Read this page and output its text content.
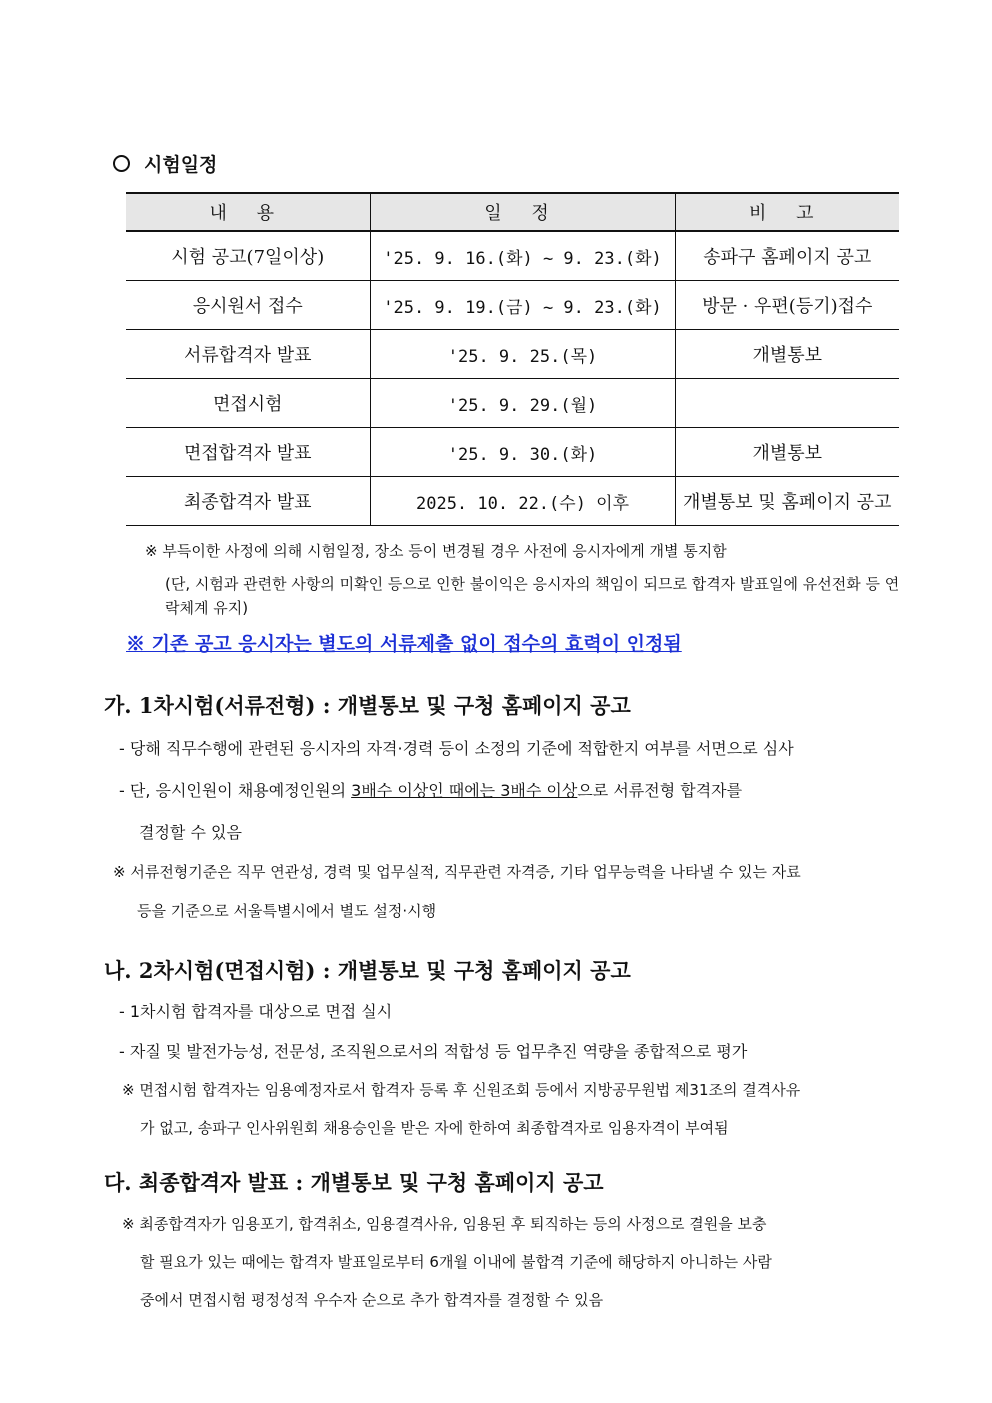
시험일정
내 용	일 정	비 고
시험 공고(7일이상)	'25. 9. 16.(화) ~ 9. 23.(화)	송파구 홈페이지 공고
응시원서 접수	'25. 9. 19.(금) ~ 9. 23.(화)	방문 · 우편(등기)접수
서류합격자 발표	'25. 9. 25.(목)	개별통보
면접시험	'25. 9. 29.(월)	
면접합격자 발표	'25. 9. 30.(화)	개별통보
최종합격자 발표	2025. 10. 22.(수) 이후	개별통보 및 홈페이지 공고
※ 부득이한 사정에 의해 시험일정, 장소 등이 변경될 경우 사전에 응시자에게 개별 통지함
(단, 시험과 관련한 사항의 미확인 등으로 인한 불이익은 응시자의 책임이 되므로 합격자 발표일에 유선전화 등 연락체계 유지)
※ 기존 공고 응시자는 별도의 서류제출 없이 접수의 효력이 인정됨
가. 1차시험(서류전형) : 개별통보 및 구청 홈페이지 공고
- 당해 직무수행에 관련된 응시자의 자격·경력 등이 소정의 기준에 적합한지 여부를 서면으로 심사
- 단, 응시인원이 채용예정인원의 3배수 이상인 때에는 3배수 이상으로 서류전형 합격자를
결정할 수 있음
※ 서류전형기준은 직무 연관성, 경력 및 업무실적, 직무관련 자격증, 기타 업무능력을 나타낼 수 있는 자료
등을 기준으로 서울특별시에서 별도 설정·시행
나. 2차시험(면접시험) : 개별통보 및 구청 홈페이지 공고
- 1차시험 합격자를 대상으로 면접 실시
- 자질 및 발전가능성, 전문성, 조직원으로서의 적합성 등 업무추진 역량을 종합적으로 평가
※ 면접시험 합격자는 임용예정자로서 합격자 등록 후 신원조회 등에서 지방공무원법 제31조의 결격사유
가 없고, 송파구 인사위원회 채용승인을 받은 자에 한하여 최종합격자로 임용자격이 부여됨
다. 최종합격자 발표 : 개별통보 및 구청 홈페이지 공고
※ 최종합격자가 임용포기, 합격취소, 임용결격사유, 임용된 후 퇴직하는 등의 사정으로 결원을 보충
할 필요가 있는 때에는 합격자 발표일로부터 6개월 이내에 불합격 기준에 해당하지 아니하는 사람
중에서 면접시험 평정성적 우수자 순으로 추가 합격자를 결정할 수 있음
